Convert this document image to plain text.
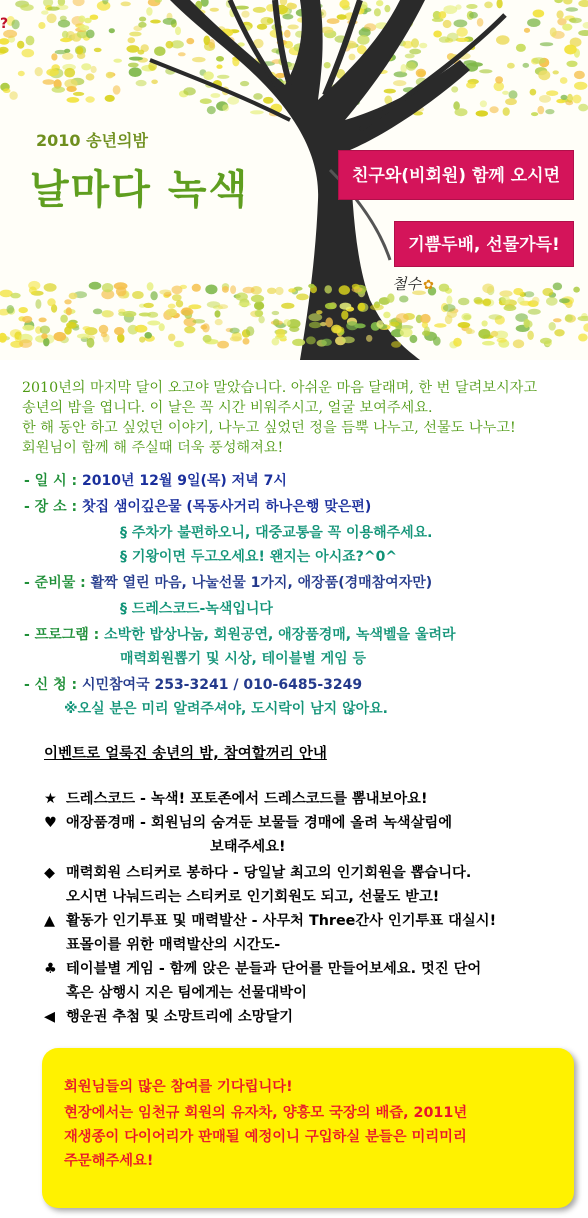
?
2010 송년의밤
날마다 녹색	친구와(비회원) 함께 오시면
기쁨두배, 선물가득!
철수 ✿
2010년의 마지막 달이 오고야 말았습니다. 아쉬운 마음 달래며, 한 번 달려보시자고
송년의 밤을 엽니다. 이 날은 꼭 시간 비워주시고, 얼굴 보여주세요.
한 해 동안 하고 싶었던 이야기, 나누고 싶었던 정을 듬뿍 나누고, 선물도 나누고!
회원님이 함께 해 주실때 더욱 풍성해져요!
- 일 시 : 2010년 12월 9일(목) 저녁 7시
- 장 소 : 찻집 샘이깊은물 (목동사거리 하나은행 맞은편)
§ 주차가 불편하오니, 대중교통을 꼭 이용해주세요.
§ 기왕이면 두고오세요! 왠지는 아시죠?^0^
- 준비물 : 활짝 열린 마음, 나눌선물 1가지, 애장품(경매참여자만)
§ 드레스코드-녹색입니다
- 프로그램 : 소박한 밥상나눔, 회원공연, 애장품경매, 녹색벨을 울려라
매력회원뽑기 및 시상, 테이블별 게임 등
- 신 청 : 시민참여국 253-3241 / 010-6485-3249
※오실 분은 미리 알려주셔야, 도시락이 남지 않아요.
이벤트로 얼룩진 송년의 밤, 참여할꺼리 안내
★ 드레스코드 - 녹색! 포토존에서 드레스코드를 뽐내보아요!
♥ 애장품경매 - 회원님의 숨겨둔 보물들 경매에 올려 녹색살림에
보태주세요!
◆ 매력회원 스티커로 봉하다 - 당일날 최고의 인기회원을 뽑습니다.
오시면 나눠드리는 스티커로 인기회원도 되고, 선물도 받고!
▲ 활동가 인기투표 및 매력발산 - 사무처 Three간사 인기투표 대실시!
표몰이를 위한 매력발산의 시간도-
♣ 테이블별 게임 - 함께 앉은 분들과 단어를 만들어보세요. 멋진 단어
혹은 삼행시 지은 팀에게는 선물대박이
◀ 행운권 추첨 및 소망트리에 소망달기
회원님들의 많은 참여를 기다립니다!
현장에서는 임천규 회원의 유자차, 양흥모 국장의 배즙, 2011년
재생종이 다이어리가 판매될 예정이니 구입하실 분들은 미리미리
주문해주세요!
